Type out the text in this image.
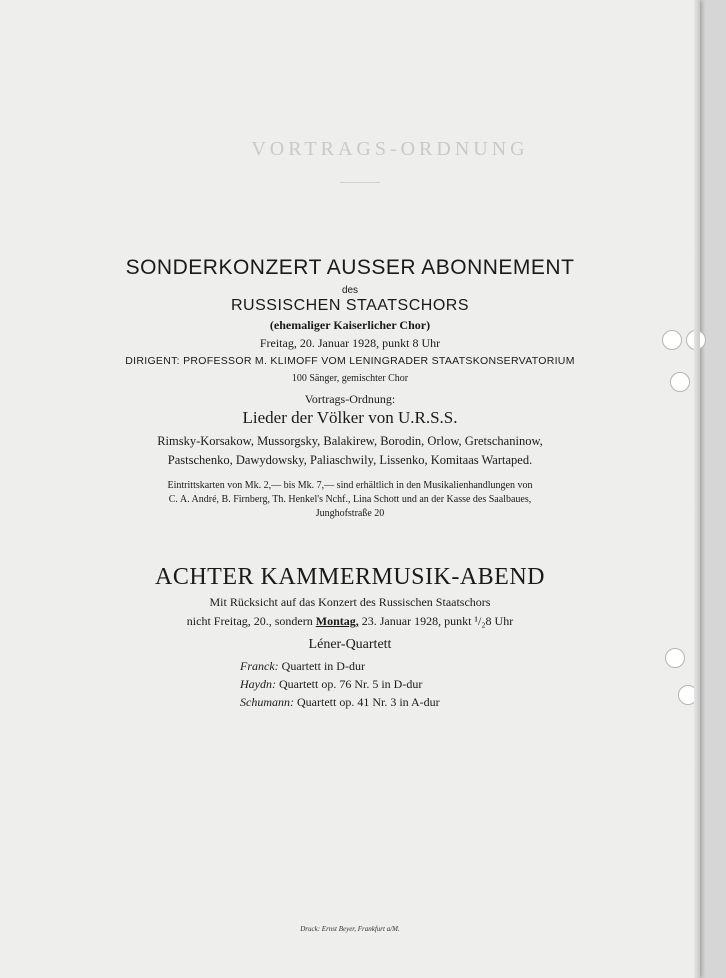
VORTRAGS-ORDNUNG
SONDERKONZERT AUSSER ABONNEMENT
des
RUSSISCHEN STAATSCHORS
(ehemaliger Kaiserlicher Chor)
Freitag, 20. Januar 1928, punkt 8 Uhr
DIRIGENT: PROFESSOR M. KLIMOFF VOM LENINGRADER STAATSKONSERVATORIUM
100 Sänger, gemischter Chor
Vortrags-Ordnung:
Lieder der Völker von U.R.S.S.
Rimsky-Korsakow, Mussorgsky, Balakirew, Borodin, Orlow, Gretschaninow,
Pastschenko, Dawydowsky, Paliaschwily, Lissenko, Komitaas Wartaped.
Eintrittskarten von Mk. 2,— bis Mk. 7,— sind erhältlich in den Musikalienhandlungen von
C. A. André, B. Firnberg, Th. Henkel's Nchf., Lina Schott und an der Kasse des Saalbaues,
Junghofstraße 20
ACHTER KAMMERMUSIK-ABEND
Mit Rücksicht auf das Konzert des Russischen Staatschors
nicht Freitag, 20., sondern Montag, 23. Januar 1928, punkt ¹/₂8 Uhr
Léner-Quartett
Franck: Quartett in D-dur
Haydn: Quartett op. 76 Nr. 5 in D-dur
Schumann: Quartett op. 41 Nr. 3 in A-dur
Druck: Ernst Beyer, Frankfurt a/M.
